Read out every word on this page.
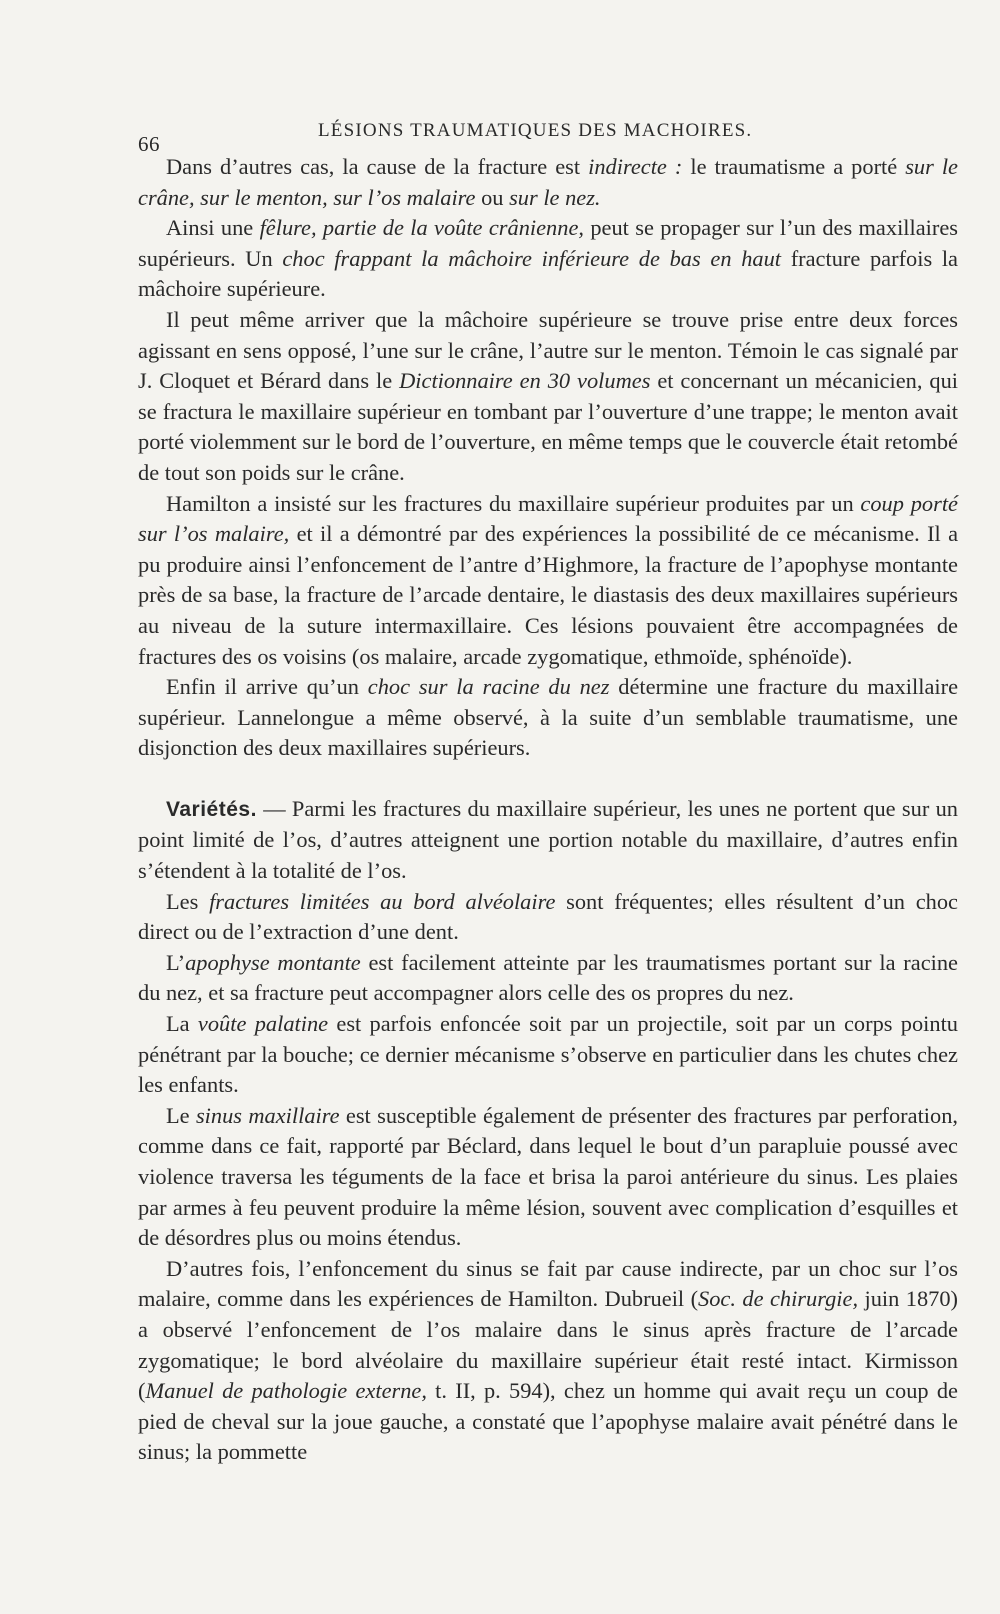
66
LÉSIONS TRAUMATIQUES DES MACHOIRES.

Dans d’autres cas, la cause de la fracture est indirecte : le traumatisme a porté sur le crâne, sur le menton, sur l’os malaire ou sur le nez.

Ainsi une fêlure, partie de la voûte crânienne, peut se propager sur l’un des maxillaires supérieurs. Un choc frappant la mâchoire inférieure de bas en haut fracture parfois la mâchoire supérieure.

Il peut même arriver que la mâchoire supérieure se trouve prise entre deux forces agissant en sens opposé, l’une sur le crâne, l’autre sur le menton. Témoin le cas signalé par J. Cloquet et Bérard dans le Dictionnaire en 30 volumes et concernant un mécanicien, qui se fractura le maxillaire supérieur en tombant par l’ouverture d’une trappe; le menton avait porté violemment sur le bord de l’ouverture, en même temps que le couvercle était retombé de tout son poids sur le crâne.

Hamilton a insisté sur les fractures du maxillaire supérieur produites par un coup porté sur l’os malaire, et il a démontré par des expériences la possibilité de ce mécanisme. Il a pu produire ainsi l’enfoncement de l’antre d’Highmore, la fracture de l’apophyse montante près de sa base, la fracture de l’arcade dentaire, le diastasis des deux maxillaires supérieurs au niveau de la suture intermaxillaire. Ces lésions pouvaient être accompagnées de fractures des os voisins (os malaire, arcade zygomatique, ethmoïde, sphénoïde).

Enfin il arrive qu’un choc sur la racine du nez détermine une fracture du maxillaire supérieur. Lannelongue a même observé, à la suite d’un semblable traumatisme, une disjonction des deux maxillaires supérieurs.

Variétés. — Parmi les fractures du maxillaire supérieur, les unes ne portent que sur un point limité de l’os, d’autres atteignent une portion notable du maxillaire, d’autres enfin s’étendent à la totalité de l’os.

Les fractures limitées au bord alvéolaire sont fréquentes; elles résultent d’un choc direct ou de l’extraction d’une dent.

L’apophyse montante est facilement atteinte par les traumatismes portant sur la racine du nez, et sa fracture peut accompagner alors celle des os propres du nez.

La voûte palatine est parfois enfoncée soit par un projectile, soit par un corps pointu pénétrant par la bouche; ce dernier mécanisme s’observe en particulier dans les chutes chez les enfants.

Le sinus maxillaire est susceptible également de présenter des fractures par perforation, comme dans ce fait, rapporté par Béclard, dans lequel le bout d’un parapluie poussé avec violence traversa les téguments de la face et brisa la paroi antérieure du sinus. Les plaies par armes à feu peuvent produire la même lésion, souvent avec complication d’esquilles et de désordres plus ou moins étendus.

D’autres fois, l’enfoncement du sinus se fait par cause indirecte, par un choc sur l’os malaire, comme dans les expériences de Hamilton. Dubrueil (Soc. de chirurgie, juin 1870) a observé l’enfoncement de l’os malaire dans le sinus après fracture de l’arcade zygomatique; le bord alvéolaire du maxillaire supérieur était resté intact. Kirmisson (Manuel de pathologie externe, t. II, p. 594), chez un homme qui avait reçu un coup de pied de cheval sur la joue gauche, a constaté que l’apophyse malaire avait pénétré dans le sinus; la pommette
